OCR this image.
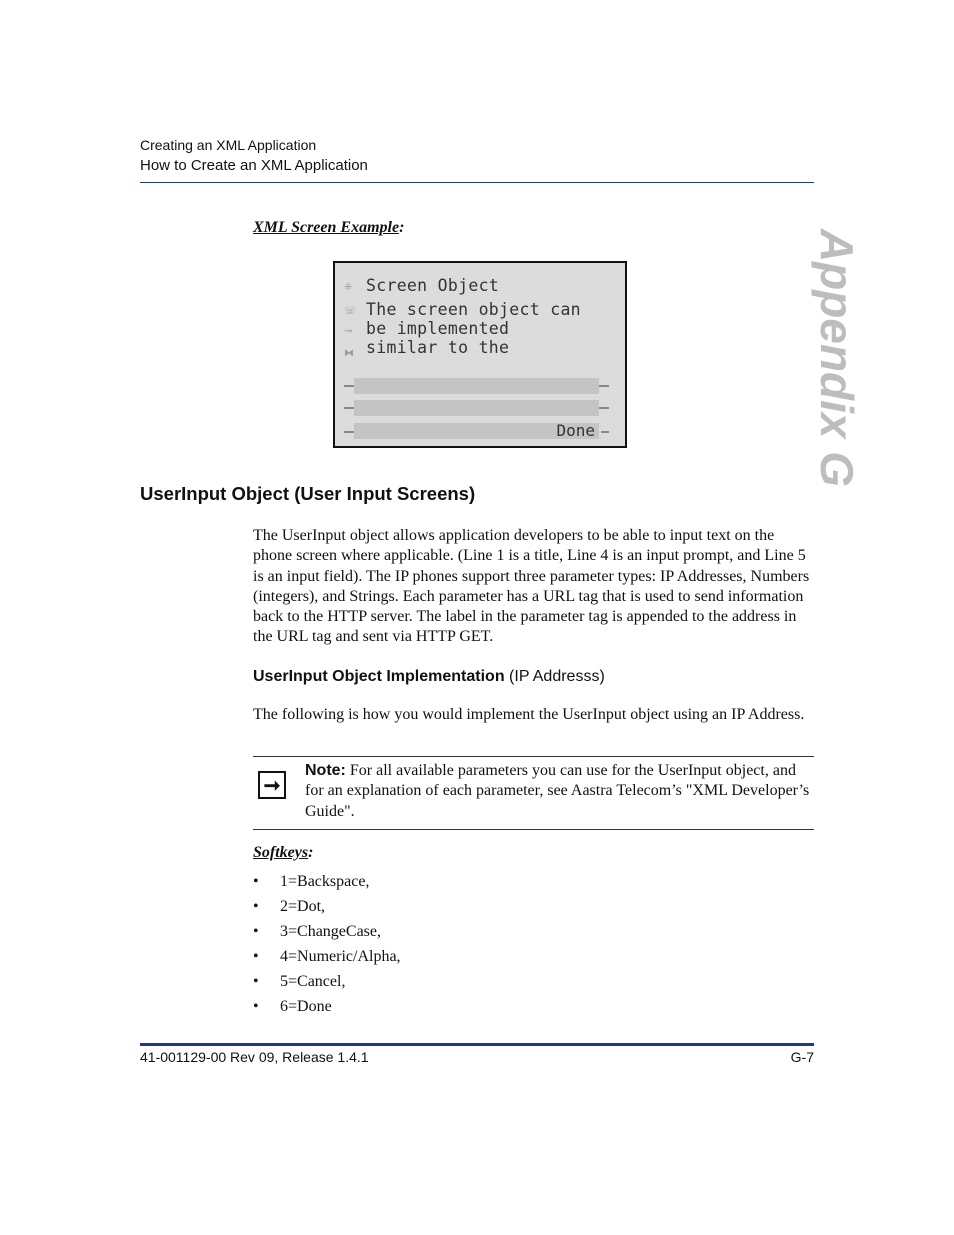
Creating an XML Application
How to Create an XML Application
Appendix G
XML Screen Example:
⁜
☏
⊸
⧓
Screen Object
The screen object can
be implemented
similar to the
Done
UserInput Object (User Input Screens)
The UserInput object allows application developers to be able to input text on the phone screen where applicable. (Line 1 is a title, Line 4 is an input prompt, and Line 5 is an input field). The IP phones support three parameter types: IP Addresses, Numbers (integers), and Strings. Each parameter has a URL tag that is used to send information back to the HTTP server. The label in the parameter tag is appended to the address in the URL tag and sent via HTTP GET.
UserInput Object Implementation (IP Addresss)
The following is how you would implement the UserInput object using an IP Address.
➞
Note: For all available parameters you can use for the UserInput object, and for an explanation of each parameter, see Aastra Telecom’s "XML Developer’s Guide".
Softkeys:
• 1=Backspace,
• 2=Dot,
• 3=ChangeCase,
• 4=Numeric/Alpha,
• 5=Cancel,
• 6=Done
41-001129-00 Rev 09, Release 1.4.1	G-7
